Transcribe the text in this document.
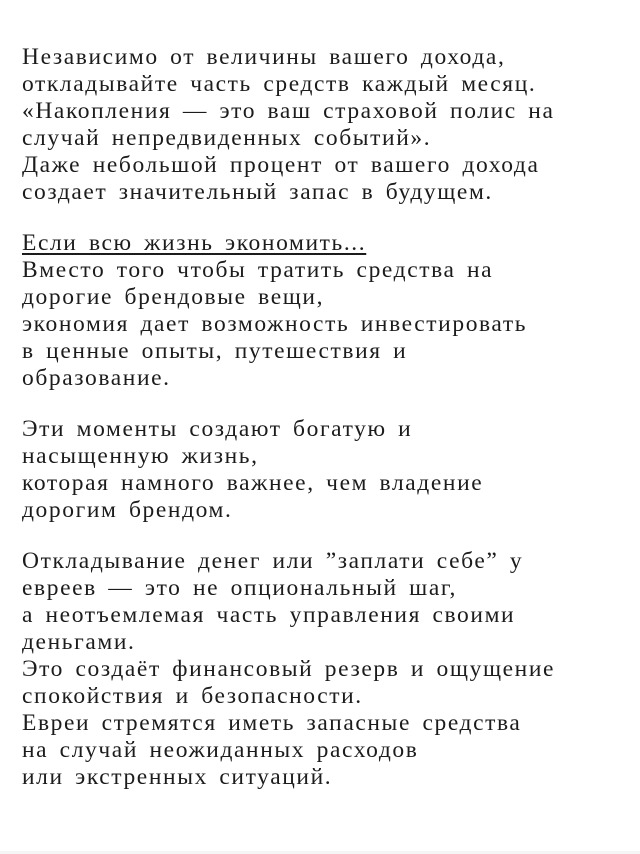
Независимо от величины вашего дохода,
откладывайте часть средств каждый месяц.
«Накопления — это ваш страховой полис на
случай непредвиденных событий».
Даже небольшой процент от вашего дохода
создает значительный запас в будущем.
Если всю жизнь экономить...
Вместо того чтобы тратить средства на
дорогие брендовые вещи,
экономия дает возможность инвестировать
в ценные опыты, путешествия и
образование.
Эти моменты создают богатую и
насыщенную жизнь,
которая намного важнее, чем владение
дорогим брендом.
Откладывание денег или ”заплати себе” у
евреев — это не опциональный шаг,
а неотъемлемая часть управления своими
деньгами.
Это создаёт финансовый резерв и ощущение
спокойствия и безопасности.
Евреи стремятся иметь запасные средства
на случай неожиданных расходов
или экстренных ситуаций.
